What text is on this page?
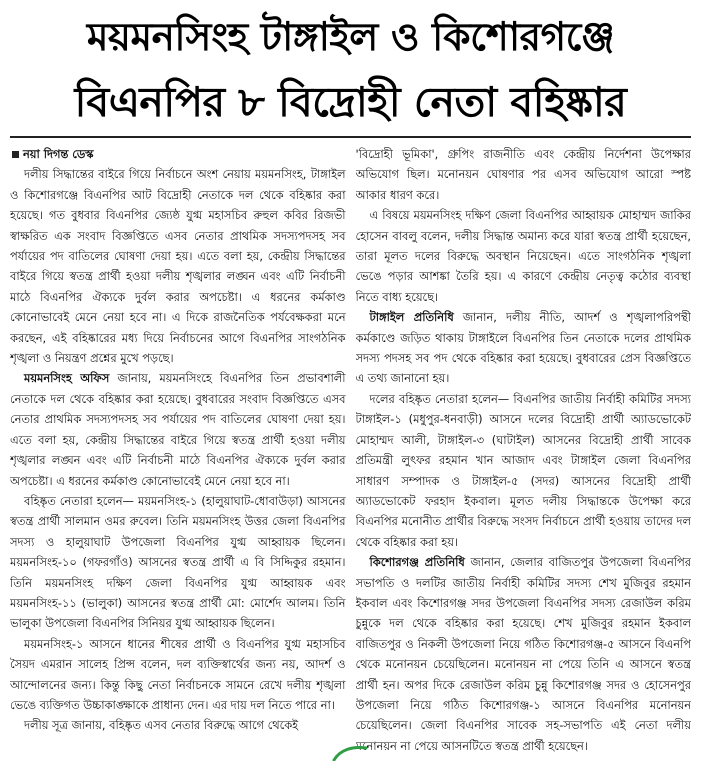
ময়মনসিংহ টাঙ্গাইল ও কিশোরগঞ্জে
বিএনপির ৮ বিদ্রোহী নেতা বহিষ্কার
নয়া দিগন্ত ডেস্ক

দলীয় সিদ্ধান্তের বাইরে গিয়ে নির্বাচনে অংশ নেয়ায় ময়মনসিংহ, টাঙ্গাইল ও কিশোরগঞ্জে বিএনপির আট বিদ্রোহী নেতাকে দল থেকে বহিষ্কার করা হয়েছে। গত বুধবার বিএনপির জ্যেষ্ঠ যুগ্ম মহাসচিব রুহুল কবির রিজভী স্বাক্ষরিত এক সংবাদ বিজ্ঞপ্তিতে এসব নেতার প্রাথমিক সদস্যপদসহ সব পর্যায়ের পদ বাতিলের ঘোষণা দেয়া হয়। এতে বলা হয়, কেন্দ্রীয় সিদ্ধান্তের বাইরে গিয়ে স্বতন্ত্র প্রার্থী হওয়া দলীয় শৃঙ্খলার লঙ্ঘন এবং এটি নির্বাচনী মাঠে বিএনপির ঐক্যকে দুর্বল করার অপচেষ্টা। এ ধরনের কর্মকাণ্ড কোনোভাবেই মেনে নেয়া হবে না। এ দিকে রাজনৈতিক পর্যবেক্ষকরা মনে করছেন, এই বহিষ্কারের মধ্য দিয়ে নির্বাচনের আগে বিএনপির সাংগঠনিক শৃঙ্খলা ও নিয়ন্ত্রণ প্রশ্নের মুখে পড়ছে।

ময়মনসিংহ অফিস জানায়, ময়মনসিংহে বিএনপির তিন প্রভাবশালী নেতাকে দল থেকে বহিষ্কার করা হয়েছে। বুধবারের সংবাদ বিজ্ঞপ্তিতে এসব নেতার প্রাথমিক সদস্যপদসহ সব পর্যায়ের পদ বাতিলের ঘোষণা দেয়া হয়। এতে বলা হয়, কেন্দ্রীয় সিদ্ধান্তের বাইরে গিয়ে স্বতন্ত্র প্রার্থী হওয়া দলীয় শৃঙ্খলার লঙ্ঘন এবং এটি নির্বাচনী মাঠে বিএনপির ঐক্যকে দুর্বল করার অপচেষ্টা। এ ধরনের কর্মকাণ্ড কোনোভাবেই মেনে নেয়া হবে না।

বহিষ্কৃত নেতারা হলেন— ময়মনসিংহ-১ (হালুয়াঘাট-ধোবাউড়া) আসনের স্বতন্ত্র প্রার্থী সালমান ওমর রুবেল। তিনি ময়মনসিংহ উত্তর জেলা বিএনপির সদস্য ও হালুয়াঘাট উপজেলা বিএনপির যুগ্ম আহ্বায়ক ছিলেন। ময়মনসিংহ-১০ (গফরগাঁও) আসনের স্বতন্ত্র প্রার্থী এ বি সিদ্দিকুর রহমান। তিনি ময়মনসিংহ দক্ষিণ জেলা বিএনপির যুগ্ম আহ্বায়ক এবং ময়মনসিংহ-১১ (ভালুকা) আসনের স্বতন্ত্র প্রার্থী মো: মোর্শেদ আলম। তিনি ভালুকা উপজেলা বিএনপির সিনিয়র যুগ্ম আহ্বায়ক ছিলেন।

ময়মনসিংহ-১ আসনে ধানের শীষের প্রার্থী ও বিএনপির যুগ্ম মহাসচিব সৈয়দ এমরান সালেহ প্রিন্স বলেন, দল ব্যক্তিস্বার্থের জন্য নয়, আদর্শ ও আন্দোলনের জন্য। কিন্তু কিছু নেতা নির্বাচনকে সামনে রেখে দলীয় শৃঙ্খলা ভেঙে ব্যক্তিগত উচ্চাকাঙ্ক্ষাকে প্রাধান্য দেন। এর দায় দল নিতে পারে না।

দলীয় সূত্র জানায়, বহিষ্কৃত এসব নেতার বিরুদ্ধে আগে থেকেই

'বিদ্রোহী ভূমিকা', গ্রুপিং রাজনীতি এবং কেন্দ্রীয় নির্দেশনা উপেক্ষার অভিযোগ ছিল। মনোনয়ন ঘোষণার পর এসব অভিযোগ আরো স্পষ্ট আকার ধারণ করে।

এ বিষয়ে ময়মনসিংহ দক্ষিণ জেলা বিএনপির আহ্বায়ক মোহাম্মদ জাকির হোসেন বাবলু বলেন, দলীয় সিদ্ধান্ত অমান্য করে যারা স্বতন্ত্র প্রার্থী হয়েছেন, তারা মূলত দলের বিরুদ্ধে অবস্থান নিয়েছেন। এতে সাংগঠনিক শৃঙ্খলা ভেঙে পড়ার আশঙ্কা তৈরি হয়। এ কারণে কেন্দ্রীয় নেতৃত্ব কঠোর ব্যবস্থা নিতে বাধ্য হয়েছে।

টাঙ্গাইল প্রতিনিধি জানান, দলীয় নীতি, আদর্শ ও শৃঙ্খলাপরিপন্থী কর্মকাণ্ডে জড়িত থাকায় টাঙ্গাইলে বিএনপির তিন নেতাকে দলের প্রাথমিক সদস্য পদসহ সব পদ থেকে বহিষ্কার করা হয়েছে। বুধবারের প্রেস বিজ্ঞপ্তিতে এ তথ্য জানানো হয়।

দলের বহিষ্কৃত নেতারা হলেন— বিএনপির জাতীয় নির্বাহী কমিটির সদস্য টাঙ্গাইল-১ (মধুপুর-ধনবাড়ী) আসনে দলের বিদ্রোহী প্রার্থী অ্যাডভোকেট মোহাম্মদ আলী, টাঙ্গাইল-৩ (ঘাটাইল) আসনের বিদ্রোহী প্রার্থী সাবেক প্রতিমন্ত্রী লুৎফর রহমান খান আজাদ এবং টাঙ্গাইল জেলা বিএনপির সাধারণ সম্পাদক ও টাঙ্গাইল-৫ (সদর) আসনের বিদ্রোহী প্রার্থী অ্যাডভোকেট ফরহাদ ইকবাল। মূলত দলীয় সিদ্ধান্তকে উপেক্ষা করে বিএনপির মনোনীত প্রার্থীর বিরুদ্ধে সংসদ নির্বাচনে প্রার্থী হওয়ায় তাদের দল থেকে বহিষ্কার করা হয়।

কিশোরগঞ্জ প্রতিনিধি জানান, জেলার বাজিতপুর উপজেলা বিএনপির সভাপতি ও দলটির জাতীয় নির্বাহী কমিটির সদস্য শেখ মুজিবুর রহমান ইকবাল এবং কিশোরগঞ্জ সদর উপজেলা বিএনপির সদস্য রেজাউল করিম চুন্নুকে দল থেকে বহিষ্কার করা হয়েছে। শেখ মুজিবুর রহমান ইকবাল বাজিতপুর ও নিকলী উপজেলা নিয়ে গঠিত কিশোরগঞ্জ-৫ আসনে বিএনপি থেকে মনোনয়ন চেয়েছিলেন। মনোনয়ন না পেয়ে তিনি এ আসনে স্বতন্ত্র প্রার্থী হন। অপর দিকে রেজাউল করিম চুন্নু কিশোরগঞ্জ সদর ও হোসেনপুর উপজেলা নিয়ে গঠিত কিশোরগঞ্জ-১ আসনে বিএনপির মনোনয়ন চেয়েছিলেন। জেলা বিএনপির সাবেক সহ-সভাপতি এই নেতা দলীয় মনোনয়ন না পেয়ে আসনটিতে স্বতন্ত্র প্রার্থী হয়েছেন।
